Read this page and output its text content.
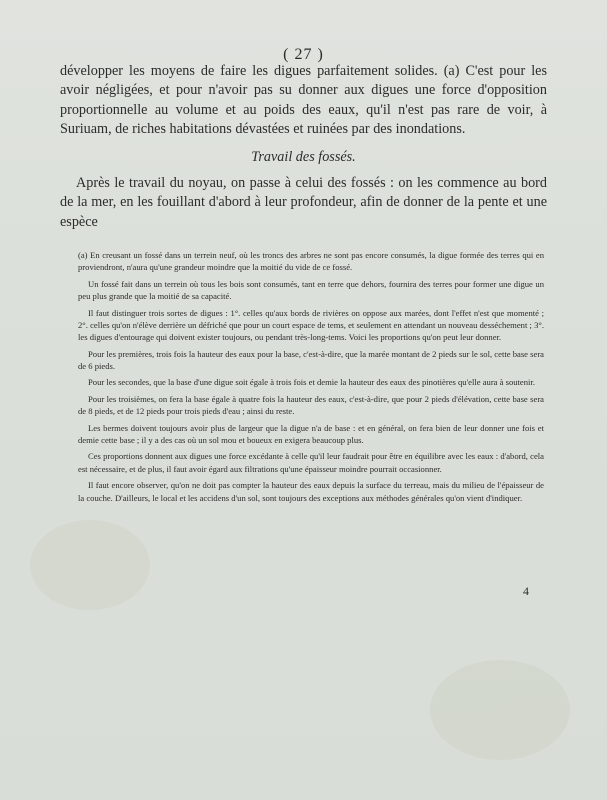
( 27 )

développer les moyens de faire les digues parfaitement solides. (a) C'est pour les avoir négligées, et pour n'avoir pas su donner aux digues une force d'opposition proportionnelle au volume et au poids des eaux, qu'il n'est pas rare de voir, à Suriuam, de riches habitations dévastées et ruinées par des inondations.

Travail des fossés.

Après le travail du noyau, on passe à celui des fossés : on les commence au bord de la mer, en les fouillant d'abord à leur profondeur, afin de donner de la pente et une espèce

(a) En creusant un fossé dans un terrein neuf, où les troncs des arbres ne sont pas encore consumés, la digue formée des terres qui en proviendront, n'aura qu'une grandeur moindre que la moitié du vide de ce fossé.

Un fossé fait dans un terrein où tous les bois sont consumés, tant en terre que dehors, fournira des terres pour former une digue un peu plus grande que la moitié de sa capacité.

Il faut distinguer trois sortes de digues : 1°. celles qu'aux bords de rivières on oppose aux marées, dont l'effet n'est que momenté ; 2°. celles qu'on n'élève derrière un défriché que pour un court espace de tems, et seulement en attendant un nouveau desséchement ; 3°. les digues d'entourage qui doivent exister toujours, ou pendant très-long-tems. Voici les proportions qu'on peut leur donner.

Pour les premières, trois fois la hauteur des eaux pour la base, c'est-à-dire, que la marée montant de 2 pieds sur le sol, cette base sera de 6 pieds.

Pour les secondes, que la base d'une digue soit égale à trois fois et demie la hauteur des eaux des pinotières qu'elle aura à soutenir.

Pour les troisièmes, on fera la base égale à quatre fois la hauteur des eaux, c'est-à-dire, que pour 2 pieds d'élévation, cette base sera de 8 pieds, et de 12 pieds pour trois pieds d'eau ; ainsi du reste.

Les bermes doivent toujours avoir plus de largeur que la digue n'a de base : et en général, on fera bien de leur donner une fois et demie cette base ; il y a des cas où un sol mou et boueux en exigera beaucoup plus.

Ces proportions donnent aux digues une force excédante à celle qu'il leur faudrait pour être en équilibre avec les eaux : d'abord, cela est nécessaire, et de plus, il faut avoir égard aux filtrations qu'une épaisseur moindre pourrait occasionner.

Il faut encore observer, qu'on ne doit pas compter la hauteur des eaux depuis la surface du terreau, mais du milieu de l'épaisseur de la couche. D'ailleurs, le local et les accidens d'un sol, sont toujours des exceptions aux méthodes générales qu'on vient d'indiquer.

4
